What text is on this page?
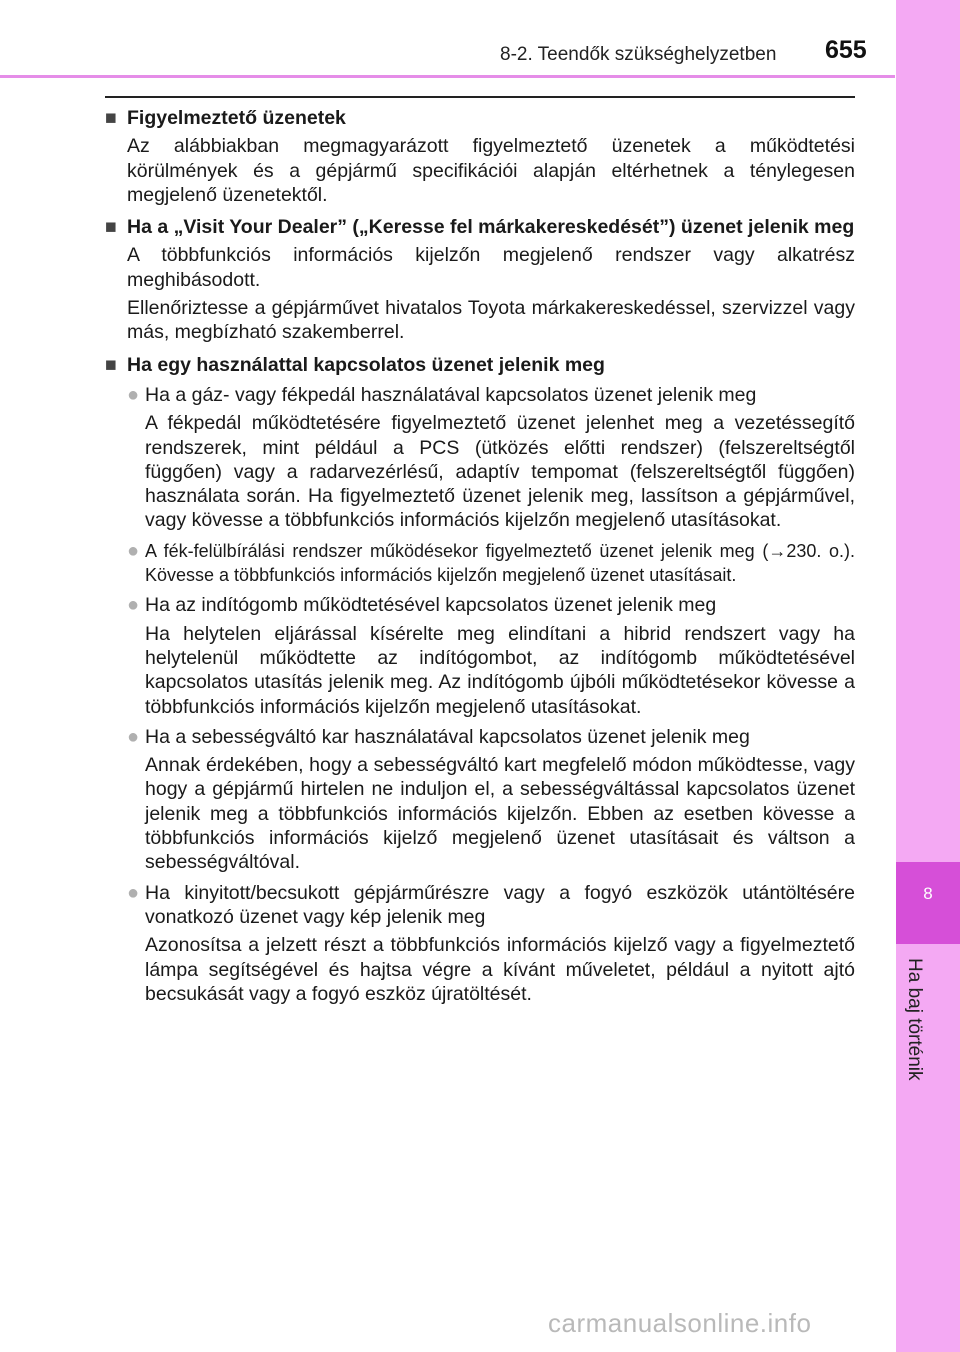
8-2. Teendők szükséghelyzetben 655
8
Ha baj történik
■ Figyelmeztető üzenetek
Az alábbiakban megmagyarázott figyelmeztető üzenetek a működtetési körülmények és a gépjármű specifikációi alapján eltérhetnek a ténylegesen megjelenő üzenetektől.
■ Ha a „Visit Your Dealer” („Keresse fel márkakereskedését”) üzenet jelenik meg
A többfunkciós információs kijelzőn megjelenő rendszer vagy alkatrész meghibásodott.
Ellenőriztesse a gépjárművet hivatalos Toyota márkakereskedéssel, szervizzel vagy más, megbízható szakemberrel.
■ Ha egy használattal kapcsolatos üzenet jelenik meg
● Ha a gáz- vagy fékpedál használatával kapcsolatos üzenet jelenik meg
A fékpedál működtetésére figyelmeztető üzenet jelenhet meg a vezetéssegítő rendszerek, mint például a PCS (ütközés előtti rendszer) (felszereltségtől függően) vagy a radarvezérlésű, adaptív tempomat (felszereltségtől függően) használata során. Ha figyelmeztető üzenet jelenik meg, lassítson a gépjárművel, vagy kövesse a többfunkciós információs kijelzőn megjelenő utasításokat.
● A fék-felülbírálási rendszer működésekor figyelmeztető üzenet jelenik meg (→230. o.). Kövesse a többfunkciós információs kijelzőn megjelenő üzenet utasításait.
● Ha az indítógomb működtetésével kapcsolatos üzenet jelenik meg
Ha helytelen eljárással kísérelte meg elindítani a hibrid rendszert vagy ha helytelenül működtette az indítógombot, az indítógomb működtetésével kapcsolatos utasítás jelenik meg. Az indítógomb újbóli működtetésekor kövesse a többfunkciós információs kijelzőn megjelenő utasításokat.
● Ha a sebességváltó kar használatával kapcsolatos üzenet jelenik meg
Annak érdekében, hogy a sebességváltó kart megfelelő módon működtesse, vagy hogy a gépjármű hirtelen ne induljon el, a sebességváltással kapcsolatos üzenet jelenik meg a többfunkciós információs kijelzőn. Ebben az esetben kövesse a többfunkciós információs kijelző megjelenő üzenet utasításait és váltson a sebességváltóval.
● Ha kinyitott/becsukott gépjárműrészre vagy a fogyó eszközök utántöltésére vonatkozó üzenet vagy kép jelenik meg
Azonosítsa a jelzett részt a többfunkciós információs kijelző vagy a figyelmeztető lámpa segítségével és hajtsa végre a kívánt műveletet, például a nyitott ajtó becsukását vagy a fogyó eszköz újratöltését.
carmanualsonline.info
